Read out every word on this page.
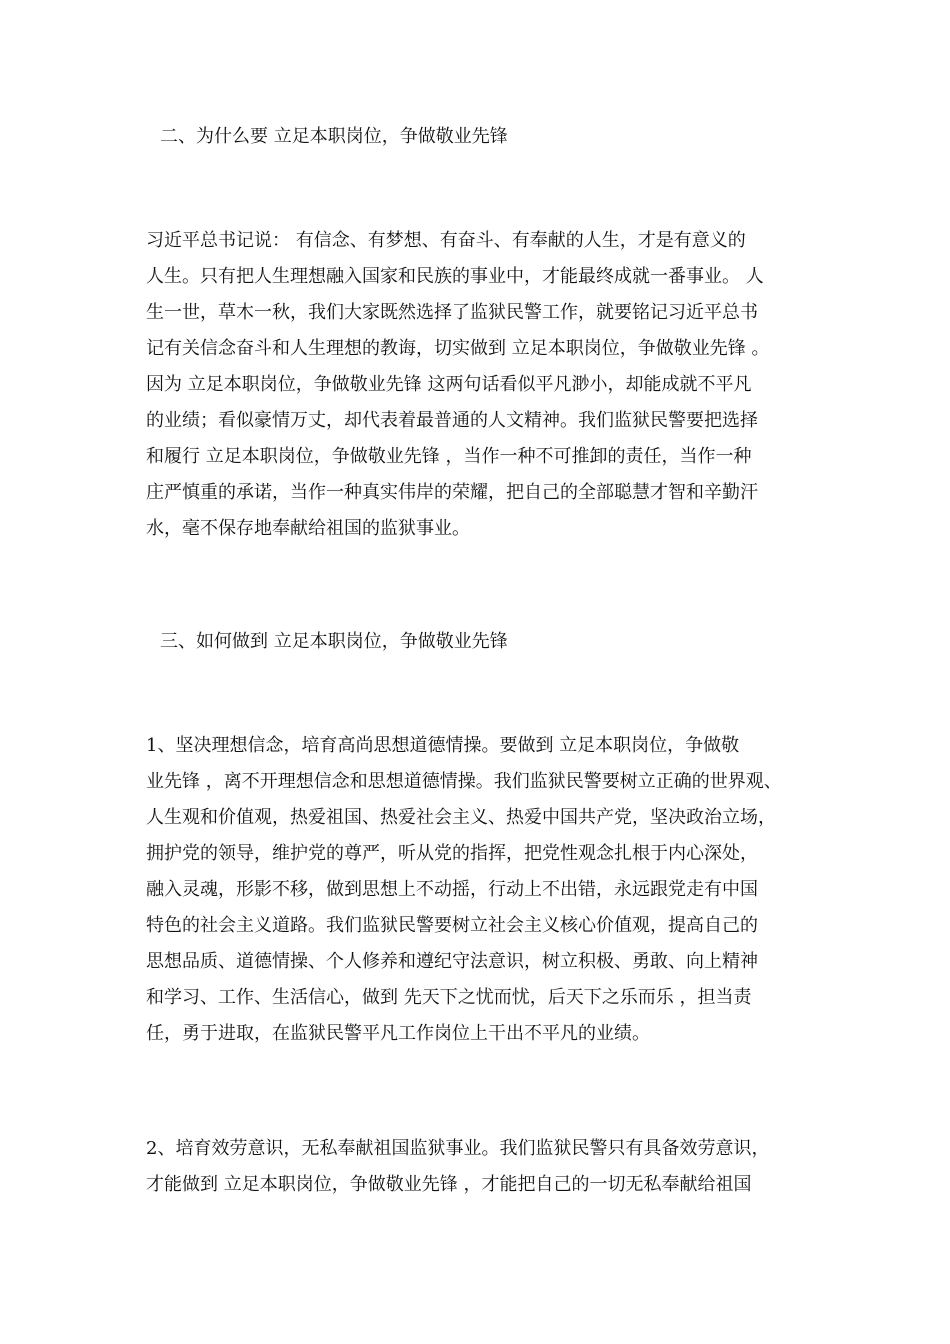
二、为什么要 立足本职岗位，争做敬业先锋

习近平总书记说： 有信念、有梦想、有奋斗、有奉献的人生，才是有意义的

人生。只有把人生理想融入国家和民族的事业中，才能最终成就一番事业。 人

生一世，草木一秋，我们大家既然选择了监狱民警工作，就要铭记习近平总书

记有关信念奋斗和人生理想的教诲，切实做到 立足本职岗位，争做敬业先锋 。

因为 立足本职岗位，争做敬业先锋 这两句话看似平凡渺小，却能成就不平凡

的业绩；看似豪情万丈，却代表着最普通的人文精神。我们监狱民警要把选择

和履行 立足本职岗位，争做敬业先锋 ，当作一种不可推卸的责任，当作一种

庄严慎重的承诺，当作一种真实伟岸的荣耀，把自己的全部聪慧才智和辛勤汗

水，毫不保存地奉献给祖国的监狱事业。

三、如何做到 立足本职岗位，争做敬业先锋

1、坚决理想信念，培育高尚思想道德情操。要做到 立足本职岗位，争做敬

业先锋 ，离不开理想信念和思想道德情操。我们监狱民警要树立正确的世界观、

人生观和价值观，热爱祖国、热爱社会主义、热爱中国共产党，坚决政治立场，

拥护党的领导，维护党的尊严，听从党的指挥，把党性观念扎根于内心深处，

融入灵魂，形影不移，做到思想上不动摇，行动上不出错，永远跟党走有中国

特色的社会主义道路。我们监狱民警要树立社会主义核心价值观，提高自己的

思想品质、道德情操、个人修养和遵纪守法意识，树立积极、勇敢、向上精神

和学习、工作、生活信心，做到 先天下之忧而忧，后天下之乐而乐 ，担当责

任，勇于进取，在监狱民警平凡工作岗位上干出不平凡的业绩。

2、培育效劳意识，无私奉献祖国监狱事业。我们监狱民警只有具备效劳意识，

才能做到 立足本职岗位，争做敬业先锋 ，才能把自己的一切无私奉献给祖国
